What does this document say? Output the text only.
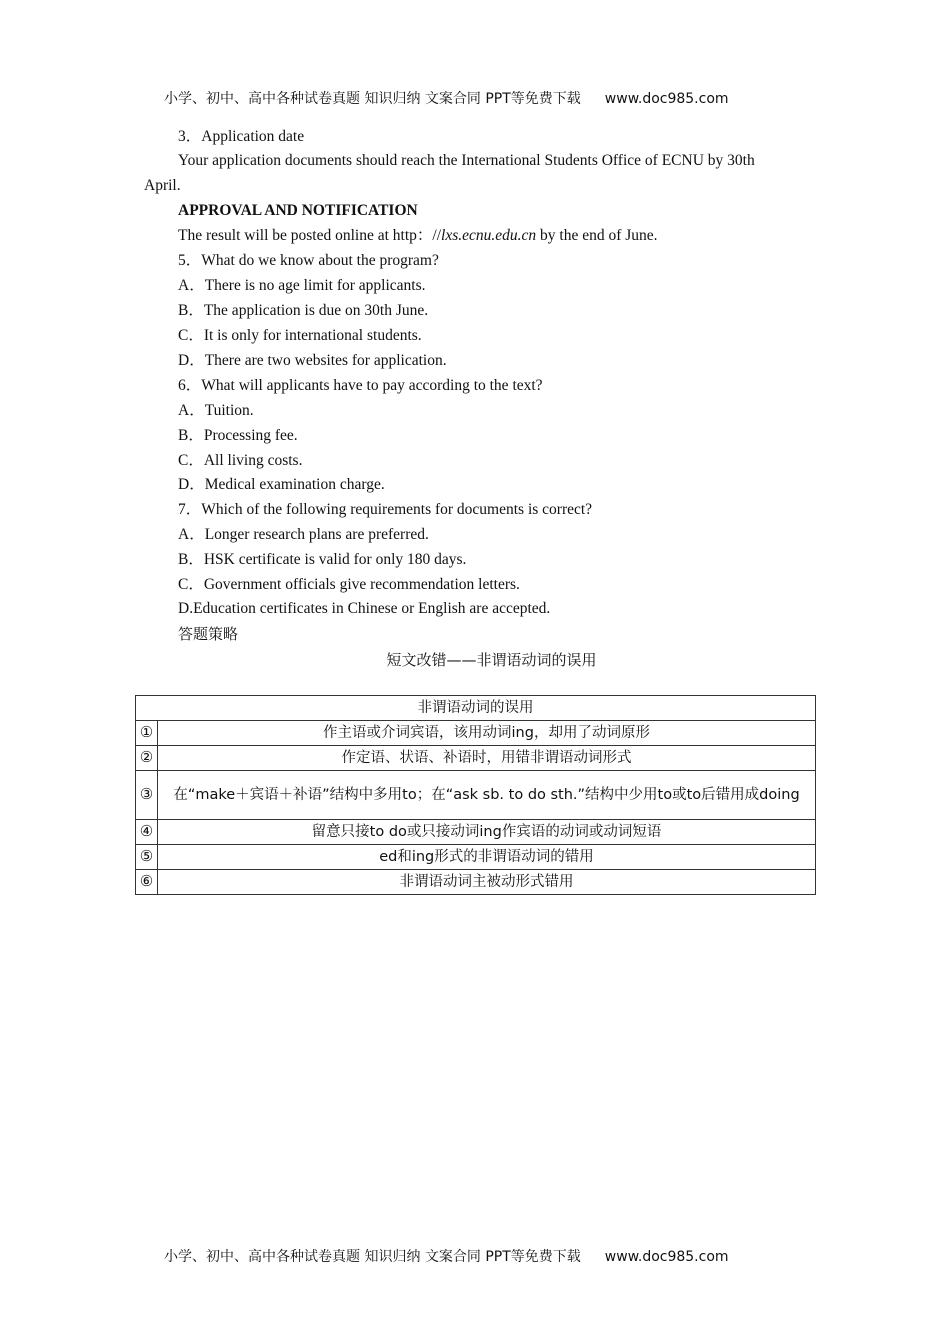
小学、初中、高中各种试卷真题 知识归纳 文案合同 PPT等免费下载 www.doc985.com
3．Application date
Your application documents should reach the International Students Office of ECNU by 30th
April.
APPROVAL AND NOTIFICATION
The result will be posted online at http：//lxs.ecnu.edu.cn by the end of June.
5．What do we know about the program?
A．There is no age limit for applicants.
B．The application is due on 30th June.
C．It is only for international students.
D．There are two websites for application.
6．What will applicants have to pay according to the text?
A．Tuition.
B．Processing fee.
C．All living costs.
D．Medical examination charge.
7．Which of the following requirements for documents is correct?
A．Longer research plans are preferred.
B．HSK certificate is valid for only 180 days.
C．Government officials give recommendation letters.
D.Education certificates in Chinese or English are accepted.
答题策略
短文改错——非谓语动词的误用
非谓语动词的误用	
①	作主语或介词宾语，该用动词ing，却用了动词原形
②	作定语、状语、补语时，用错非谓语动词形式
③	在“make＋宾语＋补语”结构中多用to；在“ask sb. to do sth.”结构中少用to或to后错用成doing
④	留意只接to do或只接动词ing作宾语的动词或动词短语
⑤	ed和ing形式的非谓语动词的错用
⑥	非谓语动词主被动形式错用
小学、初中、高中各种试卷真题 知识归纳 文案合同 PPT等免费下载 www.doc985.com
